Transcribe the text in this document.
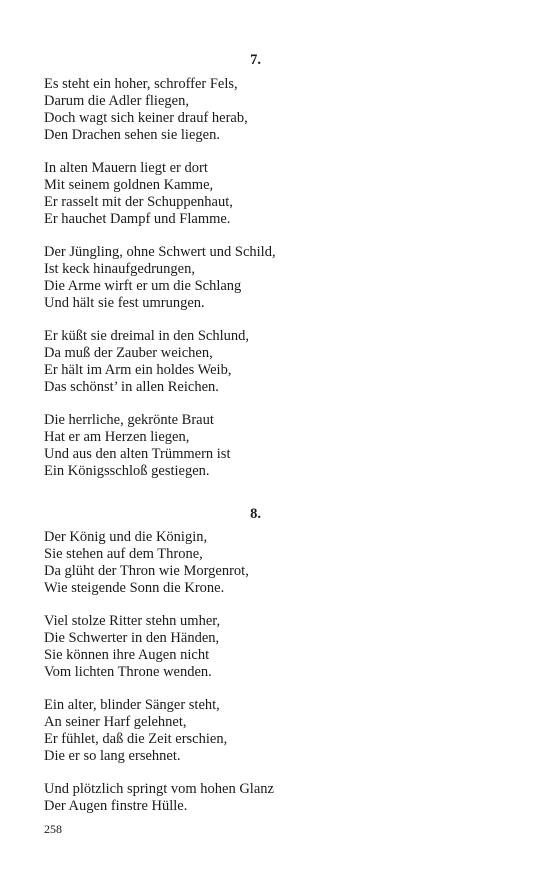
7.
Es steht ein hoher, schroffer Fels,
Darum die Adler fliegen,
Doch wagt sich keiner drauf herab,
Den Drachen sehen sie liegen.
In alten Mauern liegt er dort
Mit seinem goldnen Kamme,
Er rasselt mit der Schuppenhaut,
Er hauchet Dampf und Flamme.
Der Jüngling, ohne Schwert und Schild,
Ist keck hinaufgedrungen,
Die Arme wirft er um die Schlang
Und hält sie fest umrungen.
Er küßt sie dreimal in den Schlund,
Da muß der Zauber weichen,
Er hält im Arm ein holdes Weib,
Das schönst’ in allen Reichen.
Die herrliche, gekrönte Braut
Hat er am Herzen liegen,
Und aus den alten Trümmern ist
Ein Königsschloß gestiegen.
8.
Der König und die Königin,
Sie stehen auf dem Throne,
Da glüht der Thron wie Morgenrot,
Wie steigende Sonn die Krone.
Viel stolze Ritter stehn umher,
Die Schwerter in den Händen,
Sie können ihre Augen nicht
Vom lichten Throne wenden.
Ein alter, blinder Sänger steht,
An seiner Harf gelehnet,
Er fühlet, daß die Zeit erschien,
Die er so lang ersehnet.
Und plötzlich springt vom hohen Glanz
Der Augen finstre Hülle.
258
